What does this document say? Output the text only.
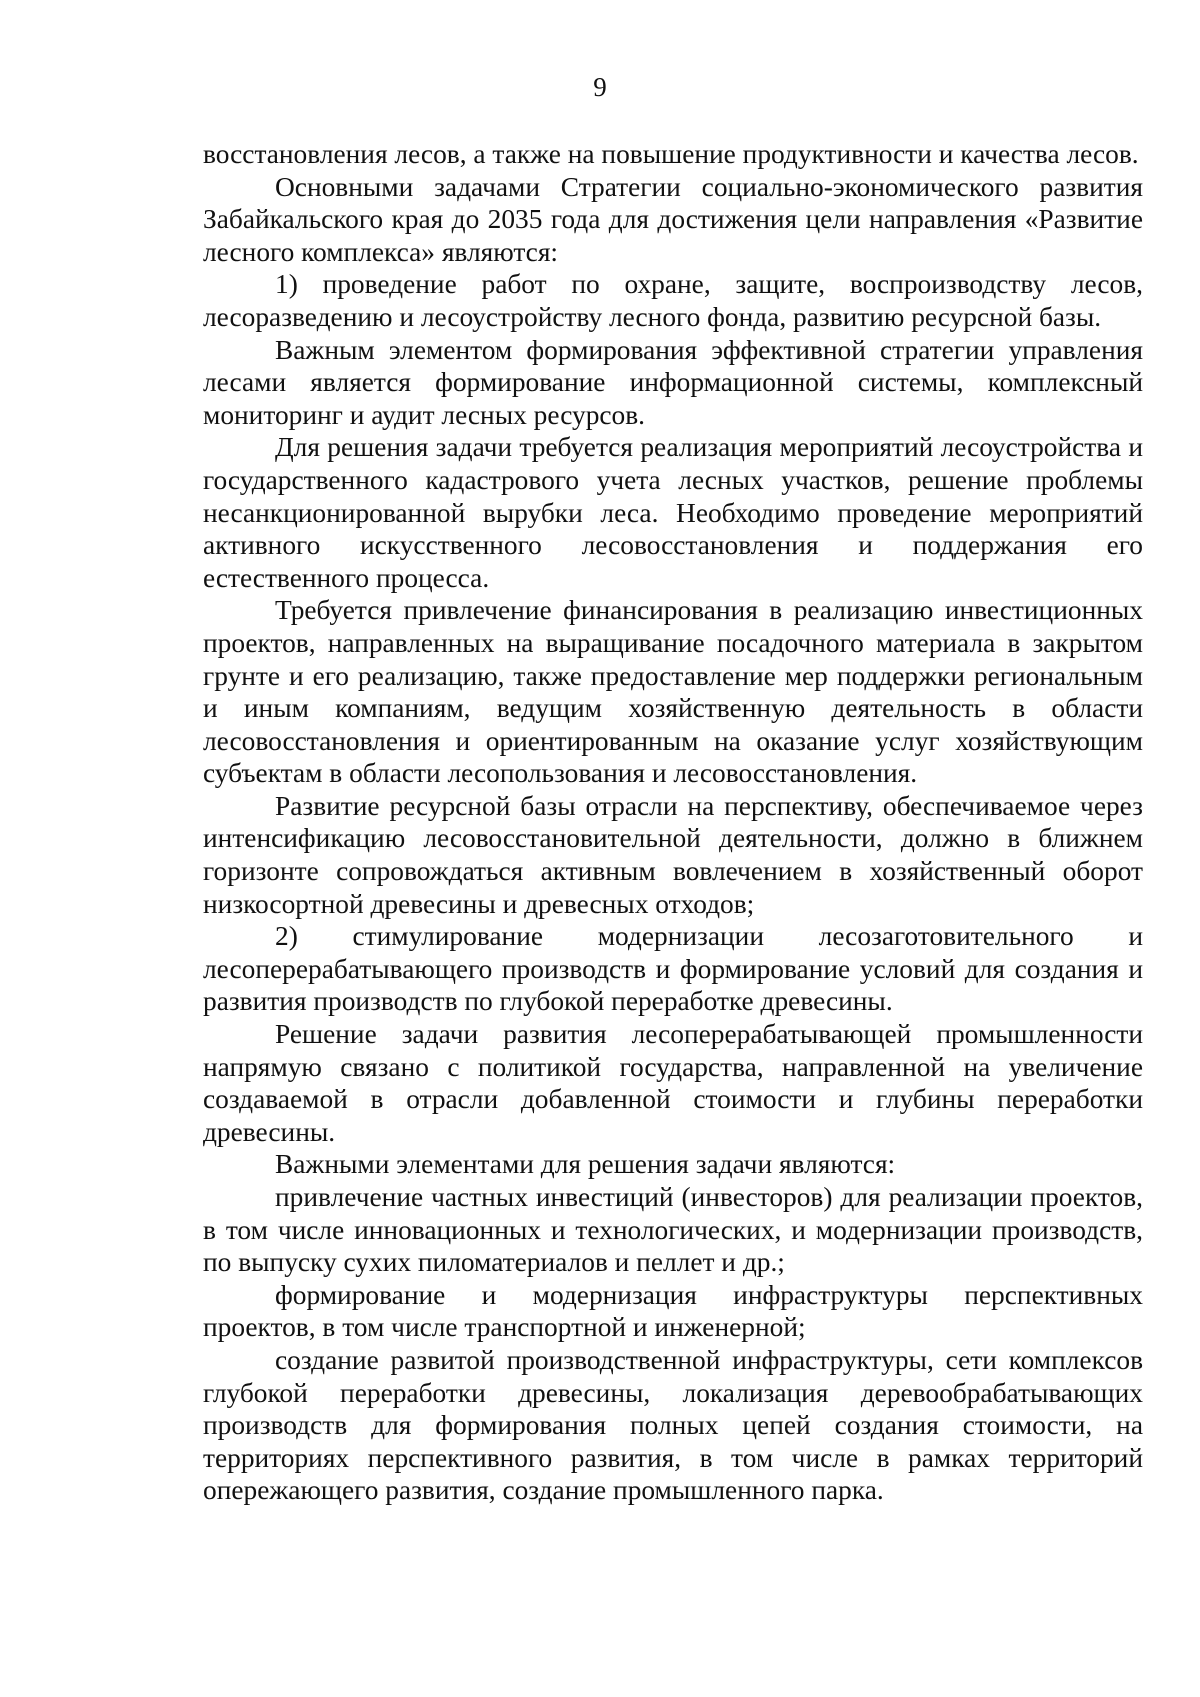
9

восстановления лесов, а также на повышение продуктивности и качества лесов.

Основными задачами Стратегии социально-экономического развития Забайкальского края до 2035 года для достижения цели направления «Развитие лесного комплекса» являются:

1) проведение работ по охране, защите, воспроизводству лесов, лесоразведению и лесоустройству лесного фонда, развитию ресурсной базы.

Важным элементом формирования эффективной стратегии управления лесами является формирование информационной системы, комплексный мониторинг и аудит лесных ресурсов.

Для решения задачи требуется реализация мероприятий лесоустройства и государственного кадастрового учета лесных участков, решение проблемы несанкционированной вырубки леса. Необходимо проведение мероприятий активного искусственного лесовосстановления и поддержания его естественного процесса.

Требуется привлечение финансирования в реализацию инвестиционных проектов, направленных на выращивание посадочного материала в закрытом грунте и его реализацию, также предоставление мер поддержки региональным и иным компаниям, ведущим хозяйственную деятельность в области лесовосстановления и ориентированным на оказание услуг хозяйствующим субъектам в области лесопользования и лесовосстановления.

Развитие ресурсной базы отрасли на перспективу, обеспечиваемое через интенсификацию лесовосстановительной деятельности, должно в ближнем горизонте сопровождаться активным вовлечением в хозяйственный оборот низкосортной древесины и древесных отходов;

2) стимулирование модернизации лесозаготовительного и лесоперерабатывающего производств и формирование условий для создания и развития производств по глубокой переработке древесины.

Решение задачи развития лесоперерабатывающей промышленности напрямую связано с политикой государства, направленной на увеличение создаваемой в отрасли добавленной стоимости и глубины переработки древесины.

Важными элементами для решения задачи являются:

привлечение частных инвестиций (инвесторов) для реализации проектов, в том числе инновационных и технологических, и модернизации производств, по выпуску сухих пиломатериалов и пеллет и др.;

формирование и модернизация инфраструктуры перспективных проектов, в том числе транспортной и инженерной;

создание развитой производственной инфраструктуры, сети комплексов глубокой переработки древесины, локализация деревообрабатывающих производств для формирования полных цепей создания стоимости, на территориях перспективного развития, в том числе в рамках территорий опережающего развития, создание промышленного парка.
